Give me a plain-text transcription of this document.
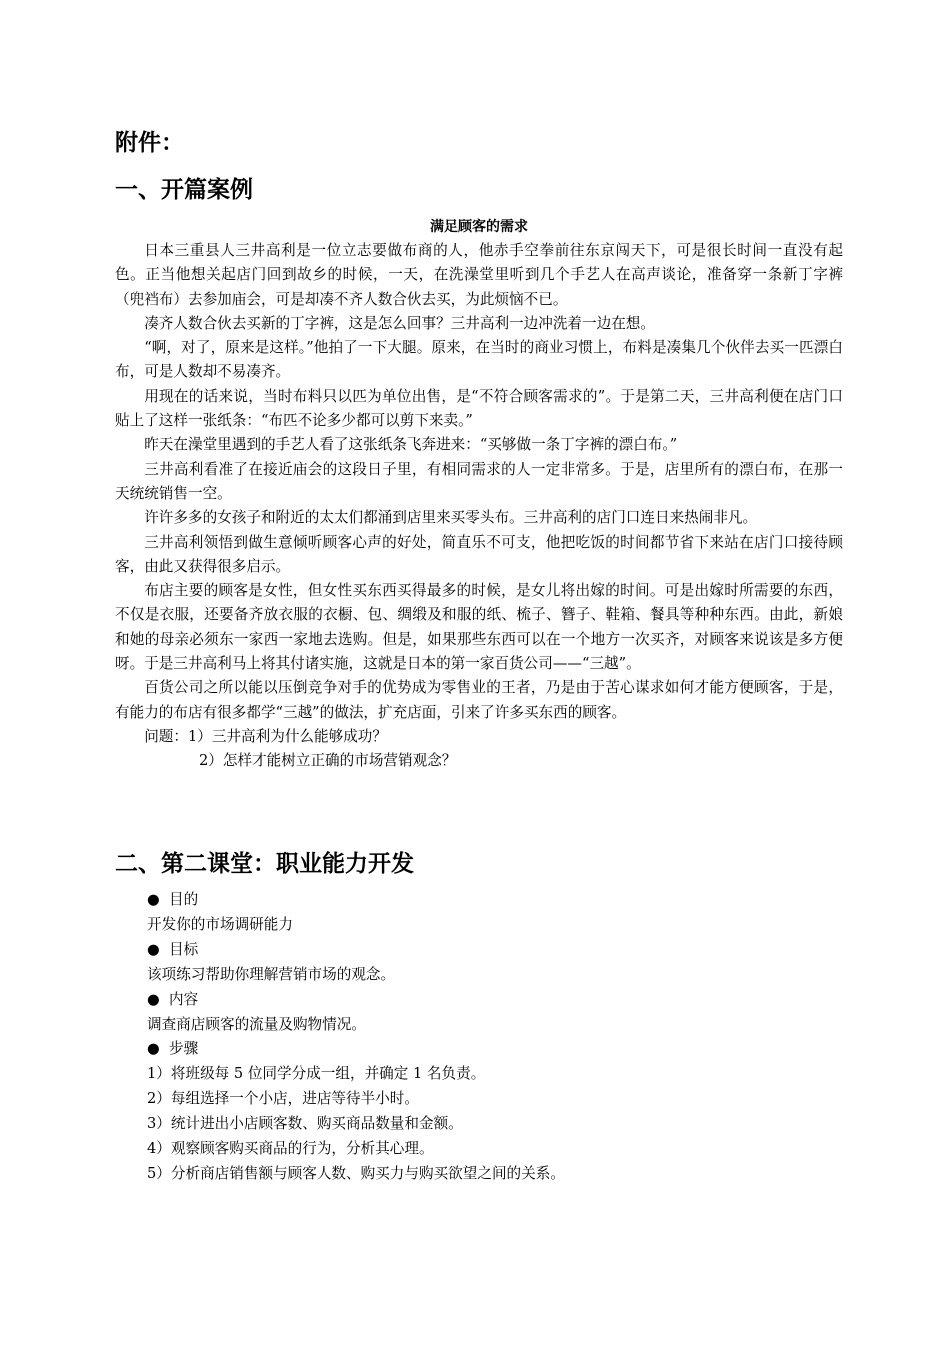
附件：
一、开篇案例

满足顾客的需求

日本三重县人三井高利是一位立志要做布商的人，他赤手空拳前往东京闯天下，可是很长时间一直没有起色。正当他想关起店门回到故乡的时候，一天，在洗澡堂里听到几个手艺人在高声谈论，准备穿一条新丁字裤（兜裆布）去参加庙会，可是却凑不齐人数合伙去买，为此烦恼不已。

凑齐人数合伙去买新的丁字裤，这是怎么回事？三井高利一边冲洗着一边在想。

“啊，对了，原来是这样。”他拍了一下大腿。原来，在当时的商业习惯上，布料是凑集几个伙伴去买一匹漂白布，可是人数却不易凑齐。

用现在的话来说，当时布料只以匹为单位出售，是“不符合顾客需求的”。于是第二天，三井高利便在店门口贴上了这样一张纸条：“布匹不论多少都可以剪下来卖。”

昨天在澡堂里遇到的手艺人看了这张纸条飞奔进来：“买够做一条丁字裤的漂白布。”

三井高利看准了在接近庙会的这段日子里，有相同需求的人一定非常多。于是，店里所有的漂白布，在那一天统统销售一空。

许许多多的女孩子和附近的太太们都涌到店里来买零头布。三井高利的店门口连日来热闹非凡。

三井高利领悟到做生意倾听顾客心声的好处，简直乐不可支，他把吃饭的时间都节省下来站在店门口接待顾客，由此又获得很多启示。

布店主要的顾客是女性，但女性买东西买得最多的时候，是女儿将出嫁的时间。可是出嫁时所需要的东西，不仅是衣服，还要备齐放衣服的衣橱、包、绸缎及和服的纸、梳子、簪子、鞋箱、餐具等种种东西。由此，新娘和她的母亲必须东一家西一家地去选购。但是，如果那些东西可以在一个地方一次买齐，对顾客来说该是多方便呀。于是三井高利马上将其付诸实施，这就是日本的第一家百货公司——“三越”。

百货公司之所以能以压倒竞争对手的优势成为零售业的王者，乃是由于苦心谋求如何才能方便顾客，于是，有能力的布店有很多都学“三越”的做法，扩充店面，引来了许多买东西的顾客。

问题：1）三井高利为什么能够成功？

2）怎样才能树立正确的市场营销观念？

二、第二课堂：职业能力开发

● 目的

开发你的市场调研能力

● 目标

该项练习帮助你理解营销市场的观念。

● 内容

调查商店顾客的流量及购物情况。

● 步骤

1）将班级每 5 位同学分成一组，并确定 1 名负责。

2）每组选择一个小店，进店等待半小时。

3）统计进出小店顾客数、购买商品数量和金额。

4）观察顾客购买商品的行为，分析其心理。

5）分析商店销售额与顾客人数、购买力与购买欲望之间的关系。
